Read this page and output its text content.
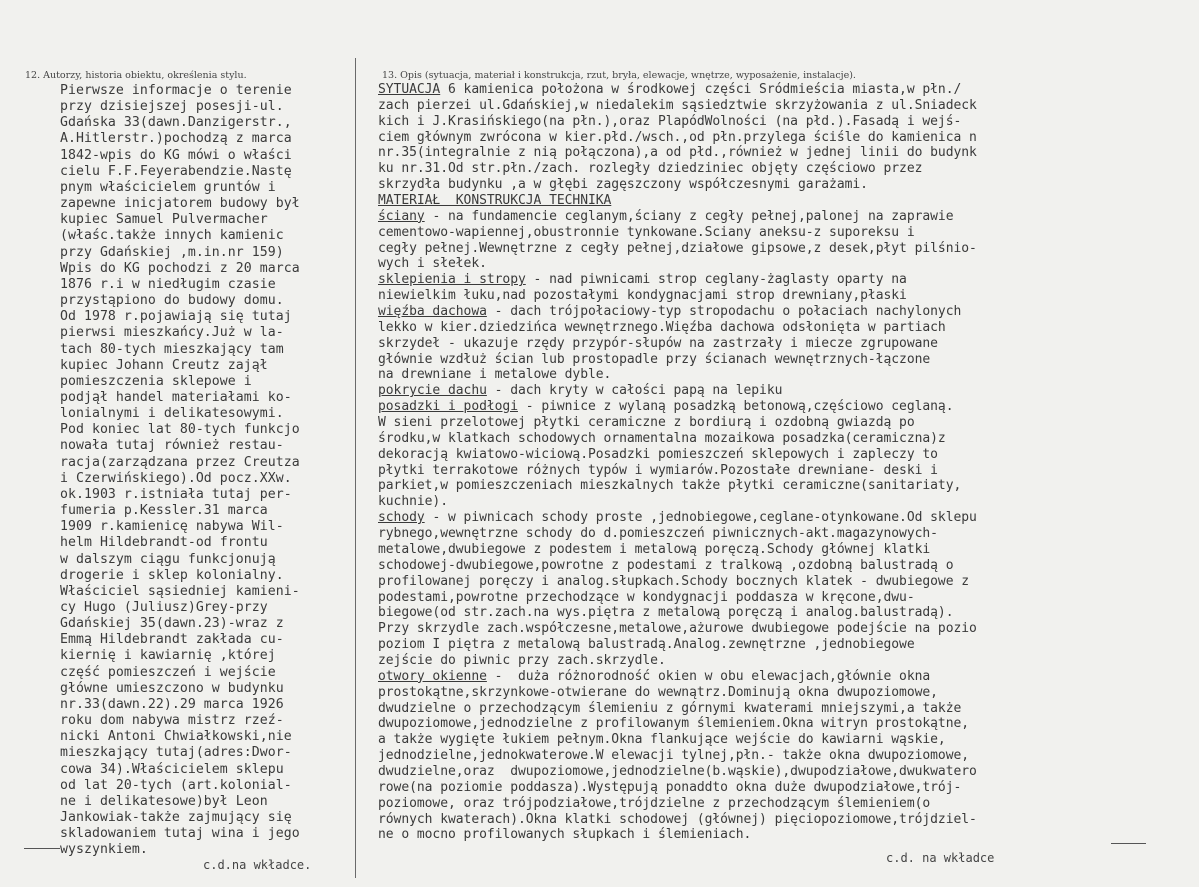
12. Autorzy, historia obiektu, określenia stylu.	13. Opis (sytuacja, materiał i konstrukcja, rzut, bryła, elewacje, wnętrze, wyposażenie, instalacje).
Pierwsze informacje o terenie
przy dzisiejszej posesji-ul.
Gdańska 33(dawn.Danzigerstr.,
A.Hitlerstr.)pochodzą z marca
1842-wpis do KG mówi o właści
cielu F.F.Feyerabendzie.Nastę
pnym właścicielem gruntów i
zapewne inicjatorem budowy był
kupiec Samuel Pulvermacher
(właśc.także innych kamienic
przy Gdańskiej ,m.in.nr 159)
Wpis do KG pochodzi z 20 marca
1876 r.i w niedługim czasie
przystąpiono do budowy domu.
Od 1978 r.pojawiają się tutaj
pierwsi mieszkańcy.Już w la-
tach 80-tych mieszkający tam
kupiec Johann Creutz zajął
pomieszczenia sklepowe i
podjął handel materiałami ko-
lonialnymi i delikatesowymi.
Pod koniec lat 80-tych funkcjo
nowała tutaj również restau-
racja(zarządzana przez Creutza
i Czerwińskiego).Od pocz.XXw.
ok.1903 r.istniała tutaj per-
fumeria p.Kessler.31 marca
1909 r.kamienicę nabywa Wil-
helm Hildebrandt-od frontu
w dalszym ciągu funkcjonują
drogerie i sklep kolonialny.
Właściciel sąsiedniej kamieni-
cy Hugo (Juliusz)Grey-przy
Gdańskiej 35(dawn.23)-wraz z
Emmą Hildebrandt zakłada cu-
kiernię i kawiarnię ,której
część pomieszczeń i wejście
główne umieszczono w budynku
nr.33(dawn.22).29 marca 1926
roku dom nabywa mistrz rzeź-
nicki Antoni Chwiałkowski,nie
mieszkający tutaj(adres:Dwor-
cowa 34).Właścicielem sklepu
od lat 20-tych (art.kolonial-
ne i delikatesowe)był Leon
Jankowiak-także zajmujący się
skladowaniem tutaj wina i jego
wyszynkiem.
SYTUACJA 6 kamienica położona w środkowej części Śródmieścia miasta,w płn./
zach pierzei ul.Gdańskiej,w niedalekim sąsiedztwie skrzyżowania z ul.Śniadeck
kich i J.Krasińskiego(na płn.),oraz PlapódWolności (na płd.).Fasadą i wejś-
ciem głównym zwrócona w kier.płd./wsch.,od płn.przylega ściśle do kamienica n
nr.35(integralnie z nią połączona),a od płd.,również w jednej linii do budynk
ku nr.31.Od str.płn./zach. rozległy dziedziniec objęty częściowo przez
skrzydła budynku ,a w głębi zagęszczony współczesnymi garażami.
MATERIAŁ  KONSTRUKCJA TECHNIKA
ściany - na fundamencie ceglanym,ściany z cegły pełnej,palonej na zaprawie
cementowo-wapiennej,obustronnie tynkowane.Ściany aneksu-z suporeksu i
cegły pełnej.Wewnętrzne z cegły pełnej,działowe gipsowe,z desek,płyt pilśnio-
wych i słełek.
sklepienia i stropy - nad piwnicami strop ceglany-żaglasty oparty na
niewielkim łuku,nad pozostałymi kondygnacjami strop drewniany,płaski
więźba dachowa - dach trójpołaciowy-typ stropodachu o połaciach nachylonych
lekko w kier.dziedzińca wewnętrznego.Więźba dachowa odsłonięta w partiach
skrzydeł - ukazuje rzędy przypór-słupów na zastrzały i miecze zgrupowane
głównie wzdłuż ścian lub prostopadle przy ścianach wewnętrznych-łączone
na drewniane i metalowe dyble.
pokrycie dachu - dach kryty w całości papą na lepiku
posadzki i podłogi - piwnice z wylaną posadzką betonową,częściowo ceglaną.
W sieni przelotowej płytki ceramiczne z bordiurą i ozdobną gwiazdą po
środku,w klatkach schodowych ornamentalna mozaikowa posadzka(ceramiczna)z
dekoracją kwiatowo-wiciową.Posadzki pomieszczeń sklepowych i zapleczy to
płytki terrakotowe różnych typów i wymiarów.Pozostałe drewniane- deski i
parkiet,w pomieszczeniach mieszkalnych także płytki ceramiczne(sanitariaty,
kuchnie).
schody - w piwnicach schody proste ,jednobiegowe,ceglane-otynkowane.Od sklepu
rybnego,wewnętrzne schody do d.pomieszczeń piwnicznych-akt.magazynowych-
metalowe,dwubiegowe z podestem i metalową poręczą.Schody głównej klatki
schodowej-dwubiegowe,powrotne z podestami z tralkową ,ozdobną balustradą o
profilowanej poręczy i analog.słupkach.Schody bocznych klatek - dwubiegowe z
podestami,powrotne przechodzące w kondygnacji poddasza w kręcone,dwu-
biegowe(od str.zach.na wys.piętra z metalową poręczą i analog.balustradą).
Przy skrzydle zach.współczesne,metalowe,ażurowe dwubiegowe podejście na pozio
poziom I piętra z metalową balustradą.Analog.zewnętrzne ,jednobiegowe
zejście do piwnic przy zach.skrzydle.
otwory okienne -  duża różnorodność okien w obu elewacjach,głównie okna
prostokątne,skrzynkowe-otwierane do wewnątrz.Dominują okna dwupoziomowe,
dwudzielne o przechodzącym ślemieniu z górnymi kwaterami mniejszymi,a także
dwupoziomowe,jednodzielne z profilowanym ślemieniem.Okna witryn prostokątne,
a także wygięte łukiem pełnym.Okna flankujące wejście do kawiarni wąskie,
jednodzielne,jednokwaterowe.W elewacji tylnej,płn.- także okna dwupoziomowe,
dwudzielne,oraz  dwupoziomowe,jednodzielne(b.wąskie),dwupodziałowe,dwukwatero
rowe(na poziomie poddasza).Występują ponaddto okna duże dwupodziałowe,trój-
poziomowe, oraz trójpodziałowe,trójdzielne z przechodzącym ślemieniem(o
równych kwaterach).Okna klatki schodowej (głównej) pięciopoziomowe,trójdziel-
ne o mocno profilowanych słupkach i ślemieniach.
c.d.na wkładce.	c.d. na wkładce
